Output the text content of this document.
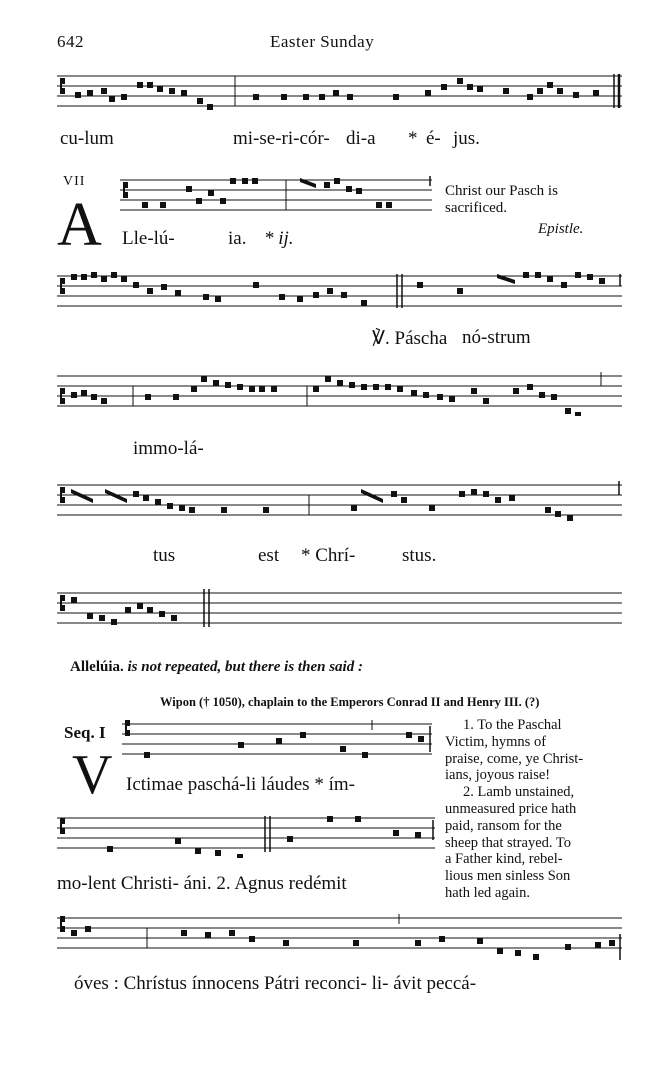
642	Easter Sunday
cu-lum	mi-se-ri-cór- di-a * é- jus.
VII
A Lle-lú-	ia. * ij.
Christ our Pasch is sacrificed.
Epistle.
℣. Páscha nó-strum
immo-lá-
tus	est * Chrí- stus.
Allelúia. is not repeated, but there is then said :
Wipon († 1050), chaplain to the Emperors Conrad II and Henry III. (?)
Seq. I
V Ictimae paschá-li láudes * ím-
mo-lent Christi- áni. 2. Agnus redémit
1. To the Paschal
Victim, hymns of
praise, come, ye Christ-
ians, joyous raise!
2. Lamb unstained,
unmeasured price hath
paid, ransom for the
sheep that strayed. To
a Father kind, rebel-
lious men sinless Son
hath led again.
óves : Chrístus ínnocens Pátri reconci- li- ávit peccá-
